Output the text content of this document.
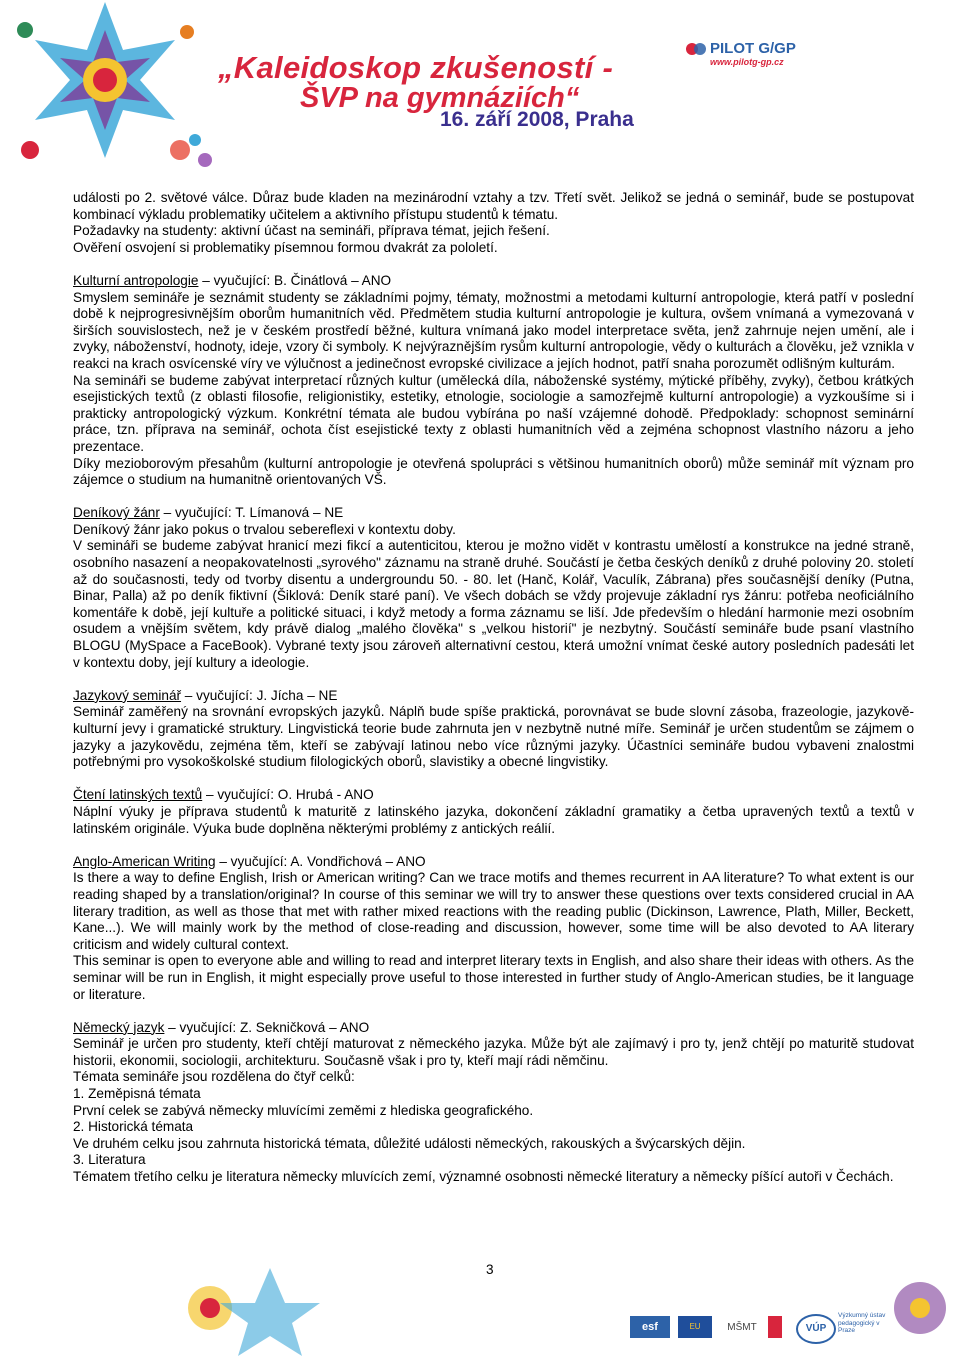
„Kaleidoskop zkušeností -
ŠVP na gymnáziích“
16. září 2008, Praha
PILOT G/GP
www.pilotg-gp.cz

události po 2. světové válce. Důraz bude kladen na mezinárodní vztahy a tzv. Třetí svět. Jelikož se jedná o seminář, bude se postupovat kombinací výkladu problematiky učitelem a aktivního přístupu studentů k tématu.

Požadavky na studenty: aktivní účast na semináři, příprava témat, jejich řešení.

Ověření osvojení si problematiky písemnou formou dvakrát za pololetí.

Kulturní antropologie – vyučující: B. Činátlová – ANO

Smyslem semináře je seznámit studenty se základními pojmy, tématy, možnostmi a metodami kulturní antropologie, která patří v poslední době k nejprogresivnějším oborům humanitních věd. Předmětem studia kulturní antropologie je kultura, ovšem vnímaná a vymezovaná v širších souvislostech, než je v českém prostředí běžné, kultura vnímaná jako model interpretace světa, jenž zahrnuje nejen umění, ale i zvyky, náboženství, hodnoty, ideje, vzory či symboly. K nejvýraznějším rysům kulturní antropologie, vědy o kulturách a člověku, jež vznikla v reakci na krach osvícenské víry ve výlučnost a jedinečnost evropské civilizace a jejích hodnot, patří snaha porozumět odlišným kulturám.

Na semináři se budeme zabývat interpretací různých kultur (umělecká díla, náboženské systémy, mýtické příběhy, zvyky), četbou krátkých esejistických textů (z oblasti filosofie, religionistiky, estetiky, etnologie, sociologie a samozřejmě kulturní antropologie) a vyzkoušíme si i prakticky antropologický výzkum. Konkrétní témata ale budou vybírána po naší vzájemné dohodě. Předpoklady: schopnost seminární práce, tzn. příprava na seminář, ochota číst esejistické texty z oblasti humanitních věd a zejména schopnost vlastního názoru a jeho prezentace.

Díky mezioborovým přesahům (kulturní antropologie je otevřená spolupráci s většinou humanitních oborů) může seminář mít význam pro zájemce o studium na humanitně orientovaných VŠ.

Deníkový žánr – vyučující: T. Límanová – NE

Deníkový žánr jako pokus o trvalou sebereflexi v kontextu doby.

V semináři se budeme zabývat hranicí mezi fikcí a autenticitou, kterou je možno vidět v kontrastu umělostí a konstrukce na jedné straně, osobního nasazení a neopakovatelnosti „syrového" záznamu na straně druhé. Součástí je četba českých deníků z druhé poloviny 20. století až do současnosti, tedy od tvorby disentu a undergroundu 50. - 80. let (Hanč, Kolář, Vaculík, Zábrana) přes současnější deníky (Putna, Binar, Palla) až po deník fiktivní (Šiklová: Deník staré paní). Ve všech dobách se vždy projevuje základní rys žánru: potřeba neoficiálního komentáře k době, její kultuře a politické situaci, i když metody a forma záznamu se liší. Jde především o hledání harmonie mezi osobním osudem a vnějším světem, kdy právě dialog „malého člověka" s „velkou historií" je nezbytný. Součástí semináře bude psaní vlastního BLOGU (MySpace a FaceBook). Vybrané texty jsou zároveň alternativní cestou, která umožní vnímat české autory posledních padesáti let v kontextu doby, její kultury a ideologie.

Jazykový seminář – vyučující: J. Jícha – NE

Seminář zaměřený na srovnání evropských jazyků. Náplň bude spíše praktická, porovnávat se bude slovní zásoba, frazeologie, jazykově-kulturní jevy i gramatické struktury. Lingvistická teorie bude zahrnuta jen v nezbytně nutné míře. Seminář je určen studentům se zájmem o jazyky a jazykovědu, zejména těm, kteří se zabývají latinou nebo více různými jazyky. Účastníci semináře budou vybaveni znalostmi potřebnými pro vysokoškolské studium filologických oborů, slavistiky a obecné lingvistiky.

Čtení latinských textů – vyučující: O. Hrubá - ANO

Náplní výuky je příprava studentů k maturitě z latinského jazyka, dokončení základní gramatiky a četba upravených textů a textů v latinském originále. Výuka bude doplněna některými problémy z antických reálií.

Anglo-American Writing – vyučující: A. Vondřichová – ANO

Is there a way to define English, Irish or American writing? Can we trace motifs and themes recurrent in AA literature? To what extent is our reading shaped by a translation/original? In course of this seminar we will try to answer these questions over texts considered crucial in AA literary tradition, as well as those that met with rather mixed reactions with the reading public (Dickinson, Lawrence, Plath, Miller, Beckett, Kane...). We will mainly work by the method of close-reading and discussion, however, some time will be also devoted to AA literary criticism and widely cultural context.

This seminar is open to everyone able and willing to read and interpret literary texts in English, and also share their ideas with others. As the seminar will be run in English, it might especially prove useful to those interested in further study of Anglo-American studies, be it language or literature.

Německý jazyk – vyučující: Z. Sekničková – ANO

Seminář je určen pro studenty, kteří chtějí maturovat z německého jazyka. Může být ale zajímavý i pro ty, jenž chtějí po maturitě studovat historii, ekonomii, sociologii, architekturu. Současně však i pro ty, kteří mají rádi němčinu.

Témata semináře jsou rozdělena do čtyř celků:

1. Zeměpisná témata

První celek se zabývá německy mluvícími zeměmi z hlediska geografického.

2. Historická témata

Ve druhém celku jsou zahrnuta historická témata, důležité události německých, rakouských a švýcarských dějin.

3. Literatura

Tématem třetího celku je literatura německy mluvících zemí, významné osobnosti německé literatury a německy píšící autoři v Čechách.

3
esf	EU	MŠMT	VÚP
Výzkumný ústav pedagogický v Praze
